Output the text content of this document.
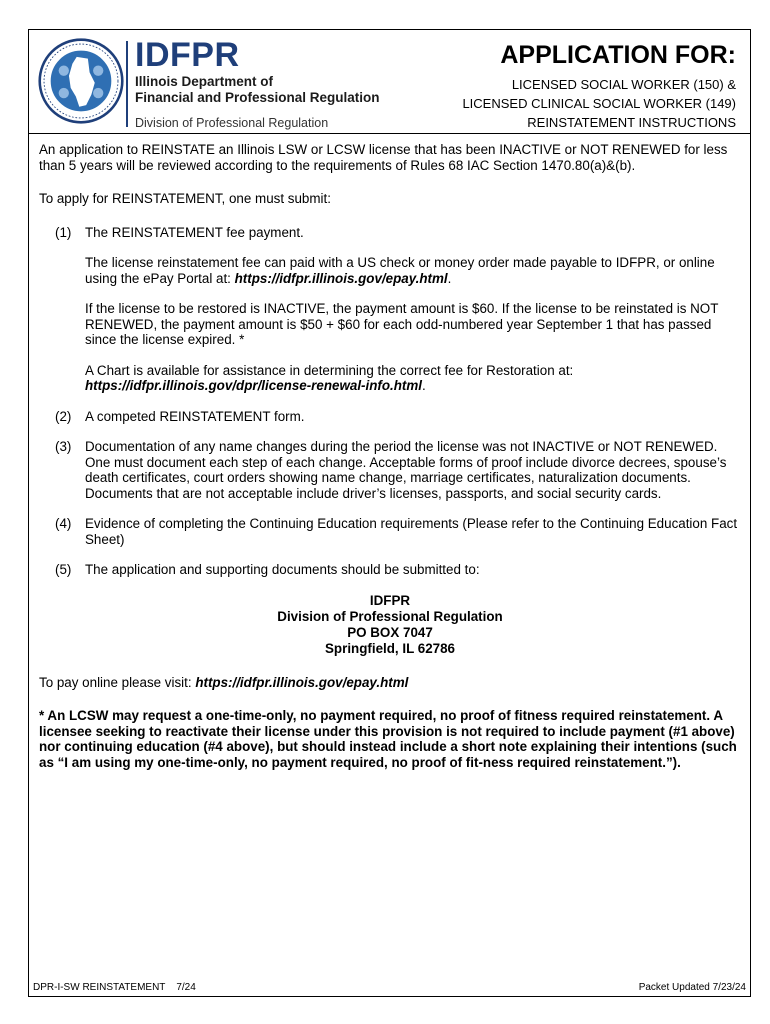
IDFPR
Illinois Department of
Financial and Professional Regulation
Division of Professional Regulation
APPLICATION FOR:
LICENSED SOCIAL WORKER (150) &
LICENSED CLINICAL SOCIAL WORKER (149)
REINSTATEMENT INSTRUCTIONS

An application to REINSTATE an Illinois LSW or LCSW license that has been INACTIVE or NOT RENEWED for less than 5 years will be reviewed according to the requirements of Rules 68 IAC Section 1470.80(a)&(b).

To apply for REINSTATEMENT, one must submit:

(1)	The REINSTATEMENT fee payment.

The license reinstatement fee can paid with a US check or money order made payable to IDFPR, or online using the ePay Portal at: https://idfpr.illinois.gov/epay.html.

If the license to be restored is INACTIVE, the payment amount is $60. If the license to be reinstated is NOT RENEWED, the payment amount is $50 + $60 for each odd-numbered year September 1 that has passed since the license expired. *

A Chart is available for assistance in determining the correct fee for Restoration at: https://idfpr.illinois.gov/dpr/license-renewal-info.html.

(2)	A competed REINSTATEMENT form.
(3)	Documentation of any name changes during the period the license was not INACTIVE or NOT RENEWED. One must document each step of each change. Acceptable forms of proof include divorce decrees, spouse’s death certificates, court orders showing name change, marriage certificates, naturalization documents. Documents that are not acceptable include driver’s licenses, passports, and social security cards.
(4)	Evidence of completing the Continuing Education requirements (Please refer to the Continuing Education Fact Sheet)
(5)	The application and supporting documents should be submitted to:
IDFPR
Division of Professional Regulation
PO BOX 7047
Springfield, IL 62786

To pay online please visit: https://idfpr.illinois.gov/epay.html

* An LCSW may request a one-time-only, no payment required, no proof of fitness required reinstatement. A licensee seeking to reactivate their license under this provision is not required to include payment (#1 above) nor continuing education (#4 above), but should instead include a short note explaining their intentions (such as “I am using my one-time-only, no payment required, no proof of fit-ness required reinstatement.”).

DPR-I-SW REINSTATEMENT    7/24	Packet Updated 7/23/24
